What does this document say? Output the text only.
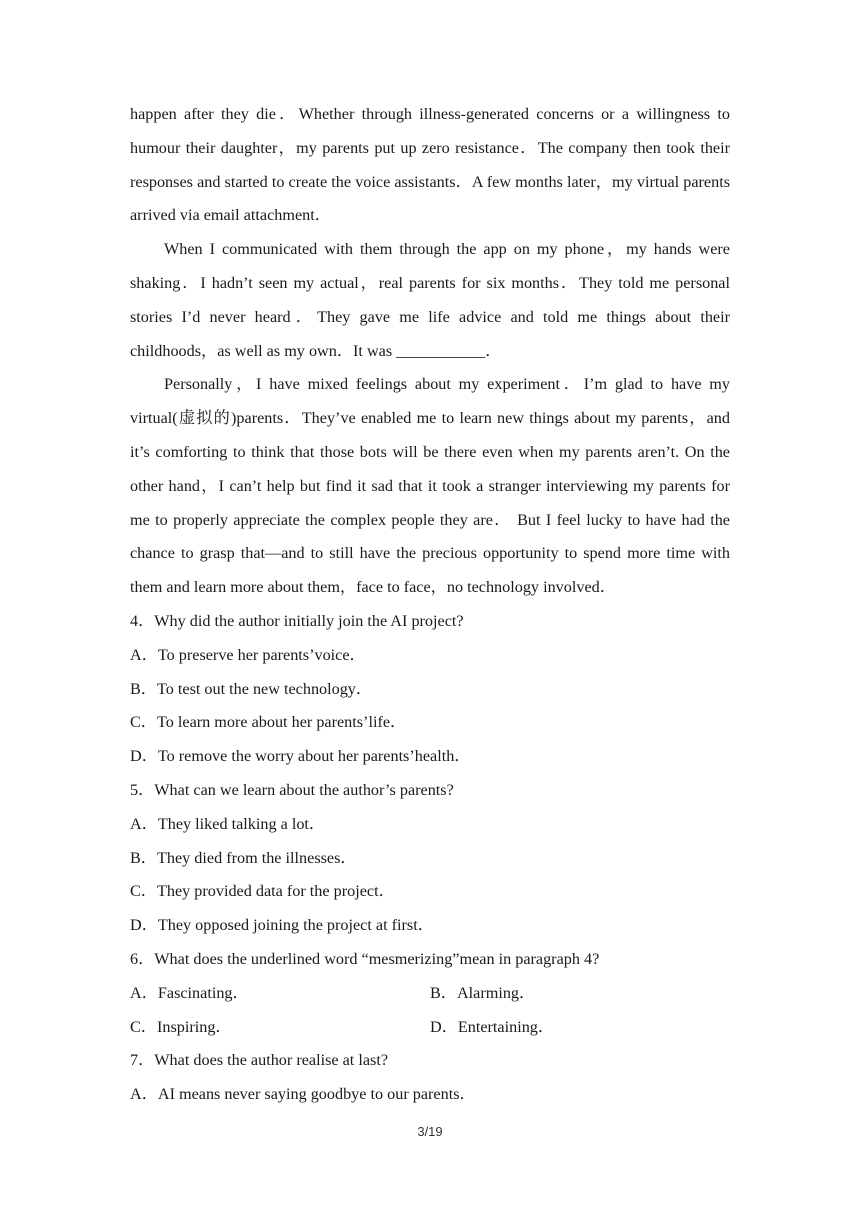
happen after they die．Whether through illness-generated concerns or a willingness to humour their daughter，my parents put up zero resistance．The company then took their responses and started to create the voice assistants．A few months later，my virtual parents arrived via email attachment．

When I communicated with them through the app on my phone，my hands were shaking．I hadn’t seen my actual，real parents for six months．They told me personal stories I’d never heard．They gave me life advice and told me things about their childhoods，as well as my own．It was ___________．

Personally，I have mixed feelings about my experiment．I’m glad to have my virtual(虚拟的)parents．They’ve enabled me to learn new things about my parents，and it’s comforting to think that those bots will be there even when my parents aren’t. On the other hand，I can’t help but find it sad that it took a stranger interviewing my parents for me to properly appreciate the complex people they are． But I feel lucky to have had the chance to grasp that—and to still have the precious opportunity to spend more time with them and learn more about them，face to face，no technology involved．

4．Why did the author initially join the AI project?

A．To preserve her parents’voice．

B．To test out the new technology．

C．To learn more about her parents’life．

D．To remove the worry about her parents’health．

5．What can we learn about the author’s parents?

A．They liked talking a lot．

B．They died from the illnesses．

C．They provided data for the project．

D．They opposed joining the project at first．

6．What does the underlined word “mesmerizing”mean in paragraph 4?

A．Fascinating．	B．Alarming．
C．Inspiring．	D．Entertaining．

7．What does the author realise at last?

A．AI means never saying goodbye to our parents．

3/19
